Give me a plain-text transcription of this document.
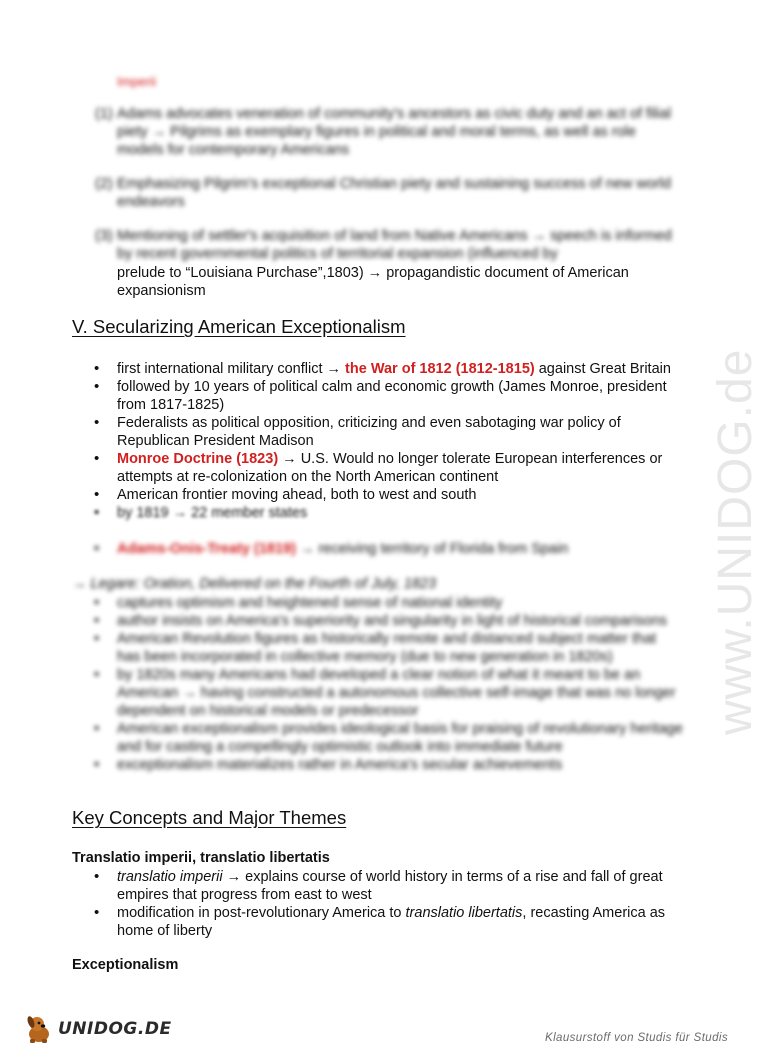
Imperii
(1) Adams advocates veneration of community's ancestors as civic duty and an act of filial piety → Pilgrims as exemplary figures in political and moral terms, as well as role models for contemporary Americans
(2) Emphasizing Pilgrim's exceptional Christian piety and sustaining success of new world endeavors
(3) Mentioning of settler's acquisition of land from Native Americans → speech is informed by recent governmental politics of territorial expansion (influenced by
prelude to “Louisiana Purchase”,1803) → propagandistic document of American
expansionism
V. Secularizing American Exceptionalism
• first international military conflict → the War of 1812 (1812-1815) against Great Britain
• followed by 10 years of political calm and economic growth (James Monroe, president from 1817-1825)
• Federalists as political opposition, criticizing and even sabotaging war policy of Republican President Madison
• Monroe Doctrine (1823) → U.S. Would no longer tolerate European interferences or attempts at re-colonization on the North American continent
• American frontier moving ahead, both to west and south
• by 1819 → 22 member states
• Adams-Onis-Treaty (1819) → receiving territory of Florida from Spain
→ Legare: Oration, Delivered on the Fourth of July, 1823
• captures optimism and heightened sense of national identity
• author insists on America's superiority and singularity in light of historical comparisons
• American Revolution figures as historically remote and distanced subject matter that has been incorporated in collective memory (due to new generation in 1820s)
• by 1820s many Americans had developed a clear notion of what it meant to be an American → having constructed a autonomous collective self-image that was no longer dependent on historical models or predecessor
• American exceptionalism provides ideological basis for praising of revolutionary heritage and for casting a compellingly optimistic outlook into immediate future
• exceptionalism materializes rather in America's secular achievements
Key Concepts and Major Themes
Translatio imperii, translatio libertatis
• translatio imperii → explains course of world history in terms of a rise and fall of great empires that progress from east to west
• modification in post-revolutionary America to translatio libertatis, recasting America as home of liberty
Exceptionalism
www.UNIDOG.de
UNIDOG.DE	Klausurstoff von Studis für Studis
